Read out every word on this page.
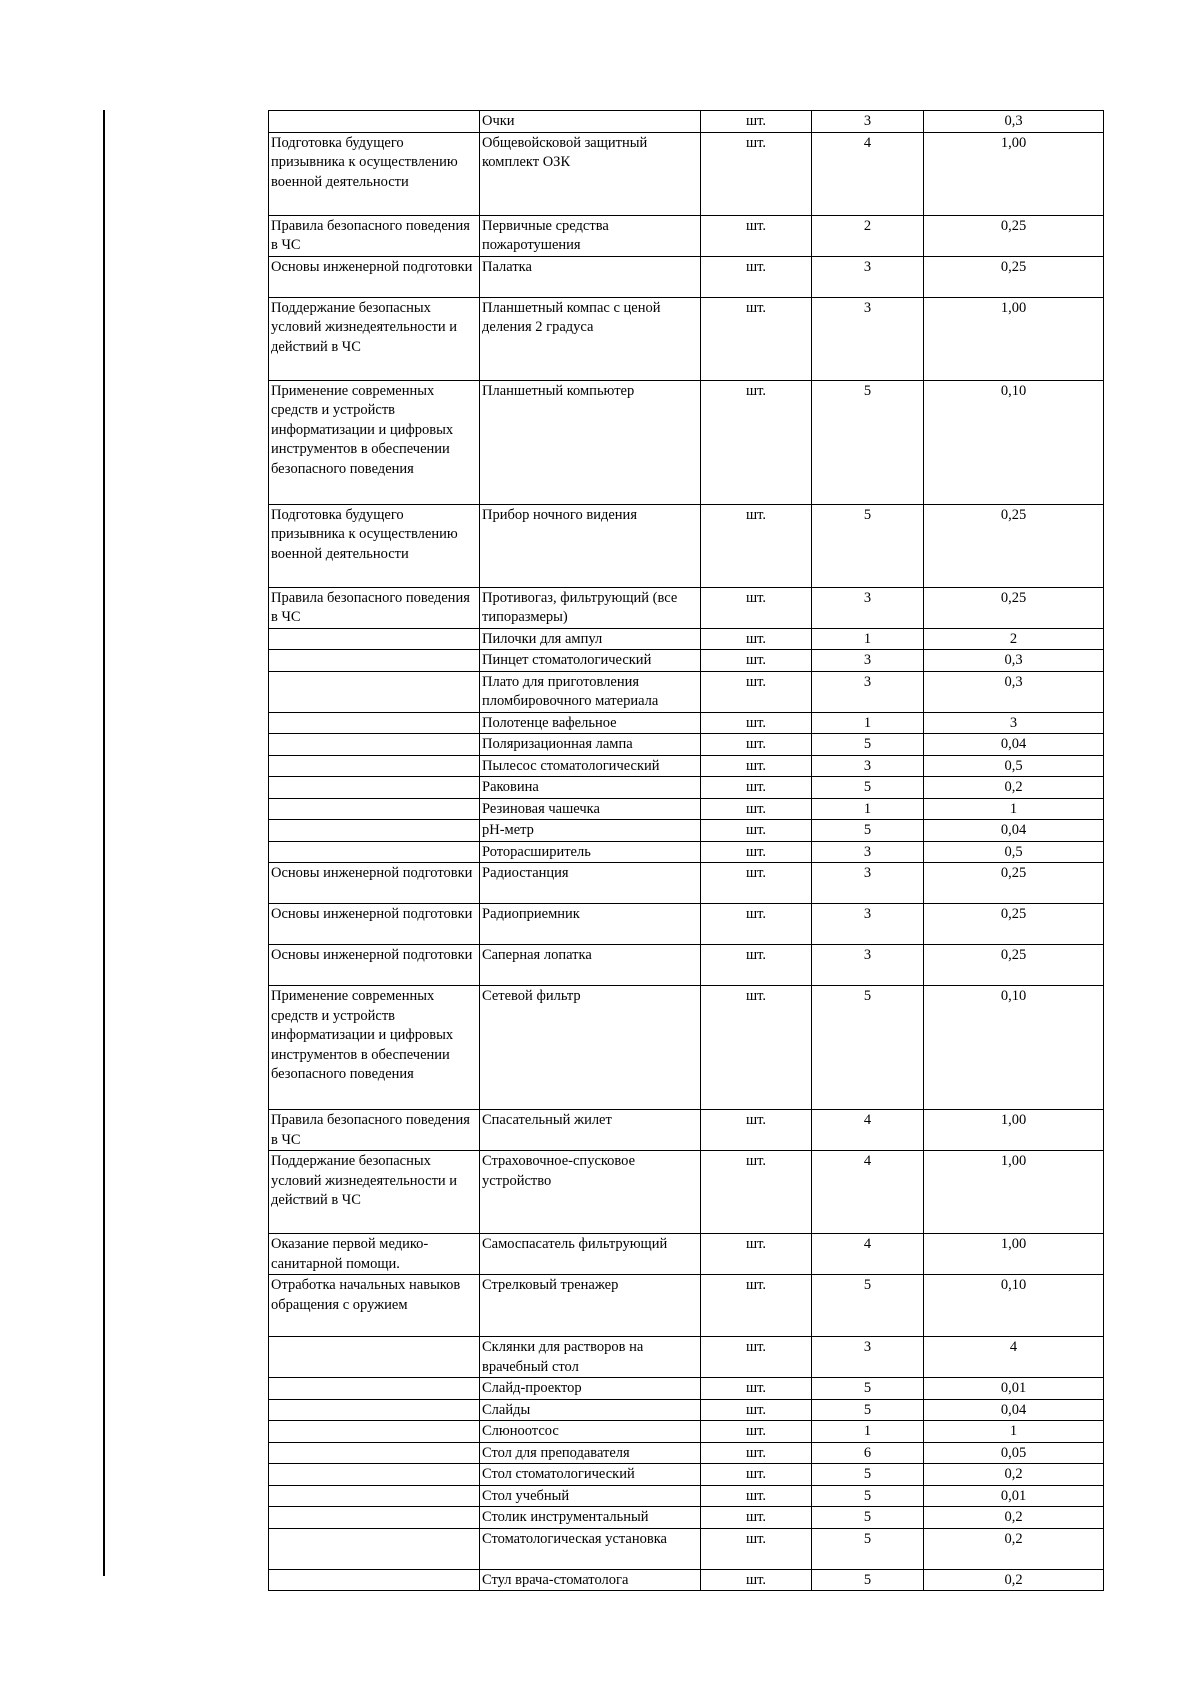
	Очки	шт.	3	0,3
Подготовка будущего призывника к осуществлению военной деятельности	Общевойсковой защитный комплект ОЗК	шт.	4	1,00
Правила безопасного поведения в ЧС	Первичные средства пожаротушения	шт.	2	0,25
Основы инженерной подготовки	Палатка	шт.	3	0,25
Поддержание безопасных условий жизнедеятельности и действий в ЧС	Планшетный компас с ценой деления 2 градуса	шт.	3	1,00
Применение современных средств и устройств информатизации и цифровых инструментов в обеспечении безопасного поведения	Планшетный компьютер	шт.	5	0,10
Подготовка будущего призывника к осуществлению военной деятельности	Прибор ночного видения	шт.	5	0,25
Правила безопасного поведения в ЧС	Противогаз, фильтрующий (все типоразмеры)	шт.	3	0,25
	Пилочки для ампул	шт.	1	2
	Пинцет стоматологический	шт.	3	0,3
	Плато для приготовления пломбировочного материала	шт.	3	0,3
	Полотенце вафельное	шт.	1	3
	Поляризационная лампа	шт.	5	0,04
	Пылесос стоматологический	шт.	3	0,5
	Раковина	шт.	5	0,2
	Резиновая чашечка	шт.	1	1
	pH-метр	шт.	5	0,04
	Роторасширитель	шт.	3	0,5
Основы инженерной подготовки	Радиостанция	шт.	3	0,25
Основы инженерной подготовки	Радиоприемник	шт.	3	0,25
Основы инженерной подготовки	Саперная лопатка	шт.	3	0,25
Применение современных средств и устройств информатизации и цифровых инструментов в обеспечении безопасного поведения	Сетевой фильтр	шт.	5	0,10
Правила безопасного поведения в ЧС	Спасательный жилет	шт.	4	1,00
Поддержание безопасных условий жизнедеятельности и действий в ЧС	Страховочное-спусковое устройство	шт.	4	1,00
Оказание первой медико-санитарной помощи.	Самоспасатель фильтрующий	шт.	4	1,00
Отработка начальных навыков обращения с оружием	Стрелковый тренажер	шт.	5	0,10
	Склянки для растворов на врачебный стол	шт.	3	4
	Слайд-проектор	шт.	5	0,01
	Слайды	шт.	5	0,04
	Слюноотсос	шт.	1	1
	Стол для преподавателя	шт.	6	0,05
	Стол стоматологический	шт.	5	0,2
	Стол учебный	шт.	5	0,01
	Столик инструментальный	шт.	5	0,2
	Стоматологическая установка	шт.	5	0,2
	Стул врача-стоматолога	шт.	5	0,2
